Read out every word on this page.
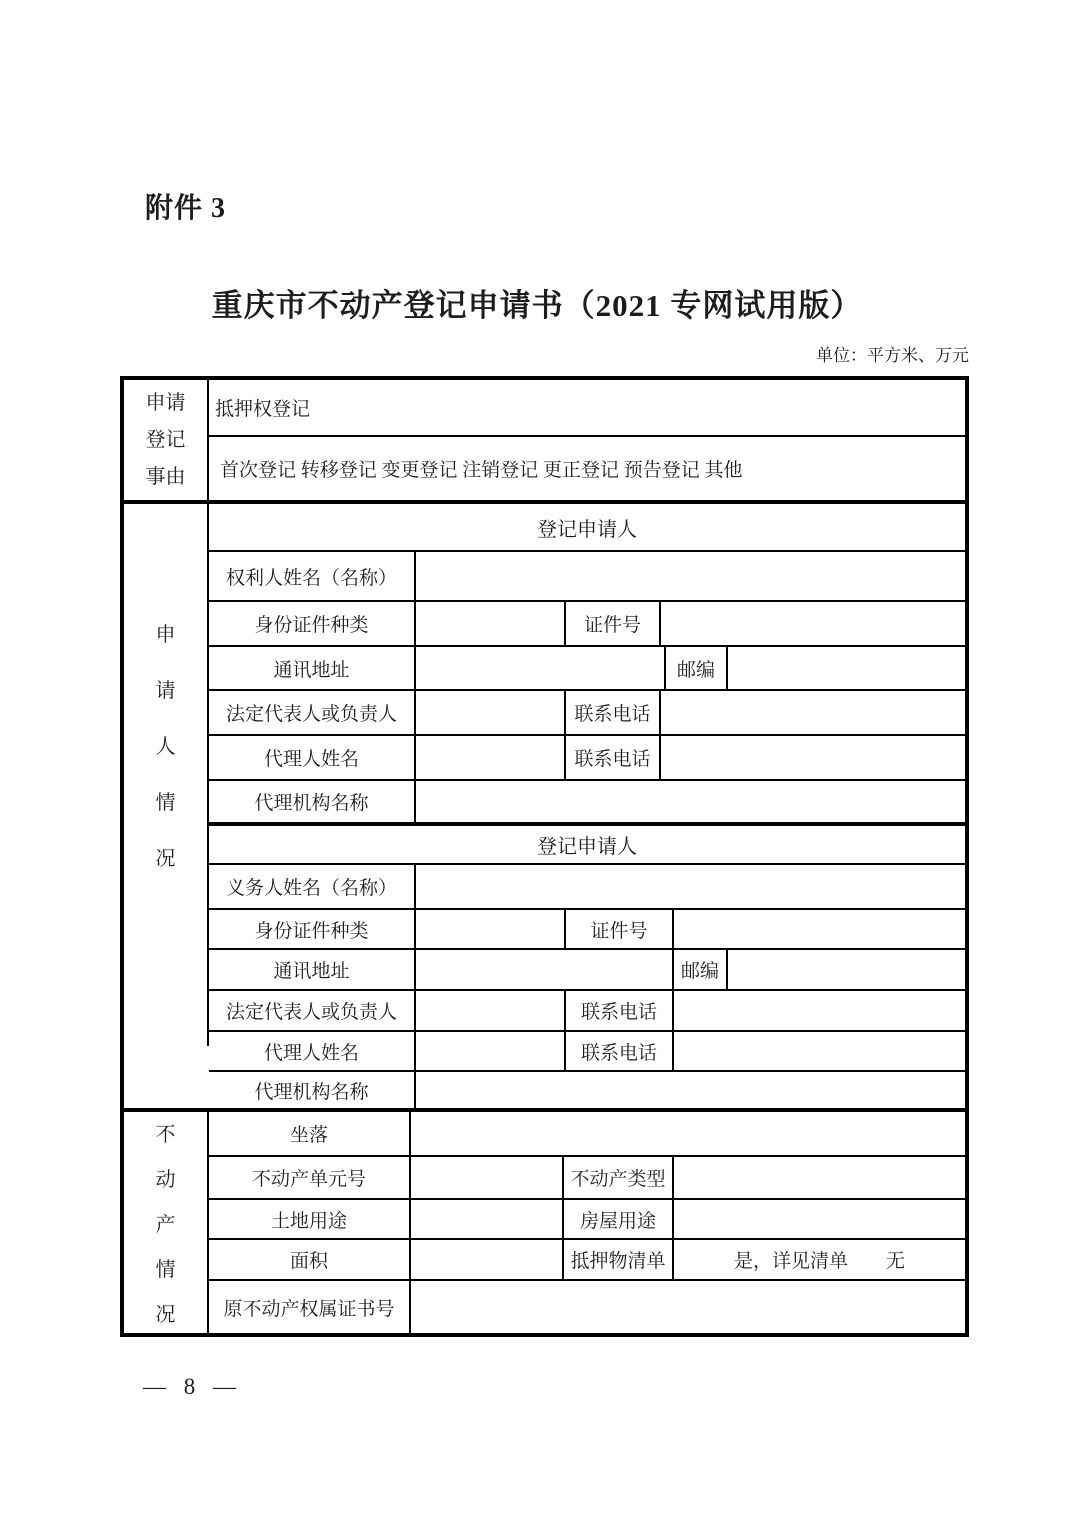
附件 3
重庆市不动产登记申请书（2021 专网试用版）
单位：平方米、万元
申请
登记
事由
抵押权登记
首次登记 转移登记 变更登记 注销登记 更正登记 预告登记 其他
申
请
人
情
况
登记申请人
权利人姓名（名称）
身份证件种类	证件号
通讯地址	邮编
法定代表人或负责人	联系电话
代理人姓名	联系电话
代理机构名称
登记申请人
义务人姓名（名称）
身份证件种类	证件号
通讯地址	邮编
法定代表人或负责人	联系电话
代理人姓名	联系电话
代理机构名称
不
动
产
情
况
坐落
不动产单元号	不动产类型
土地用途	房屋用途
面积	抵押物清单	是，详见清单　　无
原不动产权属证书号
— 8 —
